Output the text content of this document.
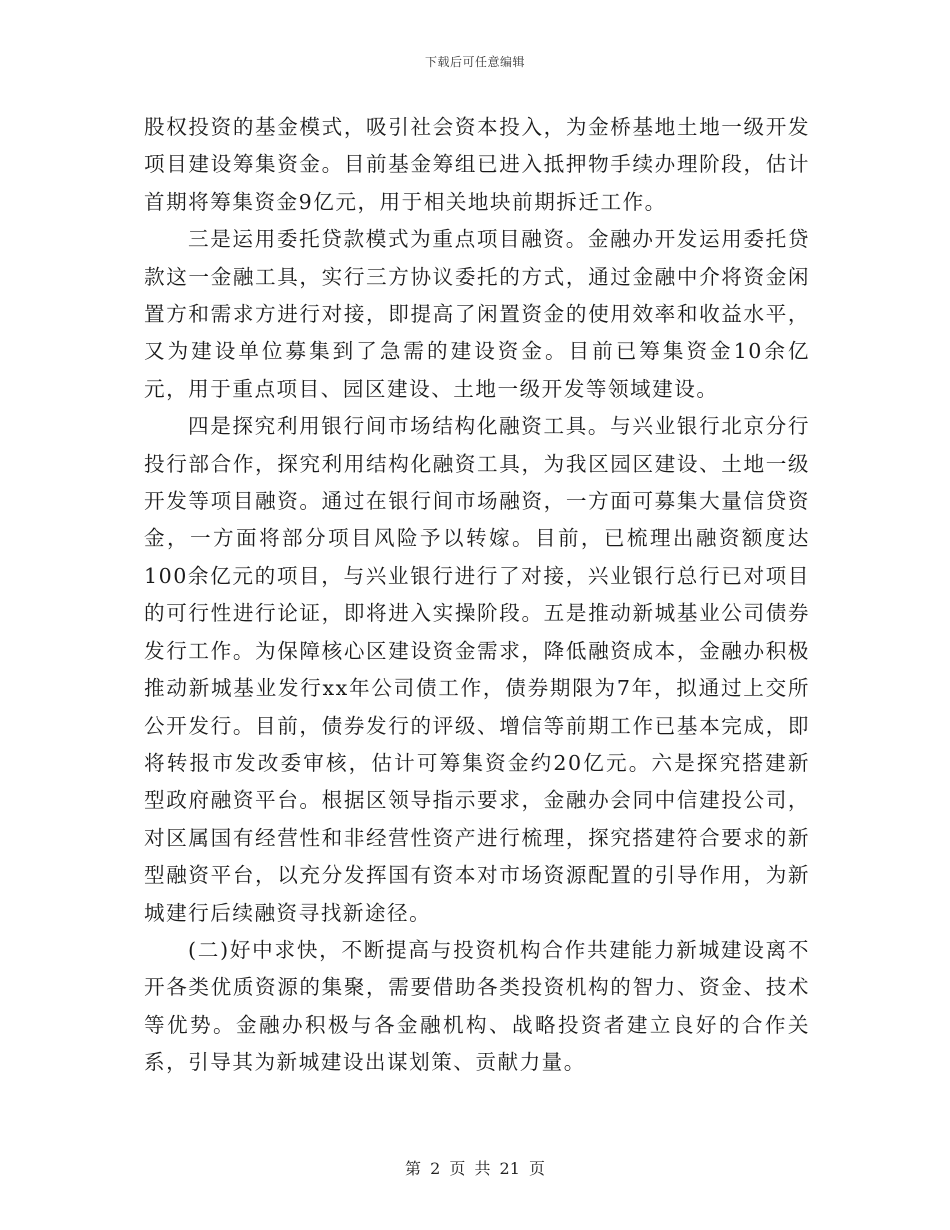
下载后可任意编辑

股权投资的基金模式，吸引社会资本投入，为金桥基地土地一级开发项目建设筹集资金。目前基金筹组已进入抵押物手续办理阶段，估计首期将筹集资金9亿元，用于相关地块前期拆迁工作。

三是运用委托贷款模式为重点项目融资。金融办开发运用委托贷款这一金融工具，实行三方协议委托的方式，通过金融中介将资金闲置方和需求方进行对接，即提高了闲置资金的使用效率和收益水平，又为建设单位募集到了急需的建设资金。目前已筹集资金10余亿元，用于重点项目、园区建设、土地一级开发等领域建设。

四是探究利用银行间市场结构化融资工具。与兴业银行北京分行投行部合作，探究利用结构化融资工具，为我区园区建设、土地一级开发等项目融资。通过在银行间市场融资，一方面可募集大量信贷资金，一方面将部分项目风险予以转嫁。目前，已梳理出融资额度达100余亿元的项目，与兴业银行进行了对接，兴业银行总行已对项目的可行性进行论证，即将进入实操阶段。五是推动新城基业公司债券发行工作。为保障核心区建设资金需求，降低融资成本，金融办积极推动新城基业发行xx年公司债工作，债券期限为7年，拟通过上交所公开发行。目前，债券发行的评级、增信等前期工作已基本完成，即将转报市发改委审核，估计可筹集资金约20亿元。六是探究搭建新型政府融资平台。根据区领导指示要求，金融办会同中信建投公司，对区属国有经营性和非经营性资产进行梳理，探究搭建符合要求的新型融资平台，以充分发挥国有资本对市场资源配置的引导作用，为新城建行后续融资寻找新途径。

(二)好中求快，不断提高与投资机构合作共建能力新城建设离不开各类优质资源的集聚，需要借助各类投资机构的智力、资金、技术等优势。金融办积极与各金融机构、战略投资者建立良好的合作关系，引导其为新城建设出谋划策、贡献力量。

第 2 页 共 21 页
